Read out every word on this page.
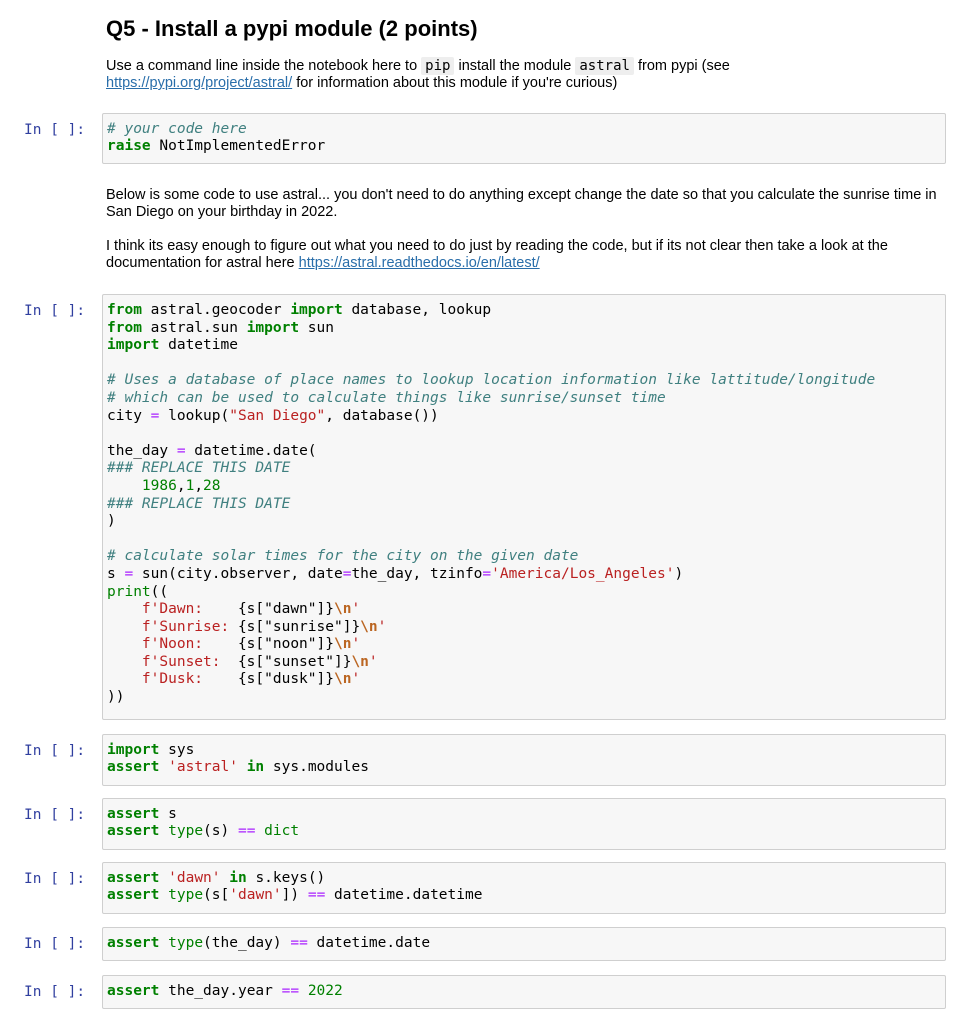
Q5 - Install a pypi module (2 points)

Use a command line inside the notebook here to pip install the module astral from pypi (see
https://pypi.org/project/astral/ for information about this module if you're curious)

In [ ]: # your code here
raise NotImplementedError

Below is some code to use astral... you don't need to do anything except change the date so that you calculate the sunrise time in San Diego on your birthday in 2022.

I think its easy enough to figure out what you need to do just by reading the code, but if its not clear then take a look at the documentation for astral here https://astral.readthedocs.io/en/latest/

In [ ]: from astral.geocoder import database, lookup
from astral.sun import sun
import datetime

# Uses a database of place names to lookup location information like lattitude/longitude
# which can be used to calculate things like sunrise/sunset time
city = lookup("San Diego", database())

the_day = datetime.date(
### REPLACE THIS DATE
1986,1,28
### REPLACE THIS DATE
)

# calculate solar times for the city on the given date
s = sun(city.observer, date=the_day, tzinfo='America/Los_Angeles')
print((
f'Dawn:    {s["dawn"]}\n'
f'Sunrise: {s["sunrise"]}\n'
f'Noon:    {s["noon"]}\n'
f'Sunset:  {s["sunset"]}\n'
f'Dusk:    {s["dusk"]}\n'
))
In [ ]: import sys
assert 'astral' in sys.modules
In [ ]: assert s
assert type(s) == dict
In [ ]: assert 'dawn' in s.keys()
assert type(s['dawn']) == datetime.datetime
In [ ]: assert type(the_day) == datetime.date
In [ ]: assert the_day.year == 2022
